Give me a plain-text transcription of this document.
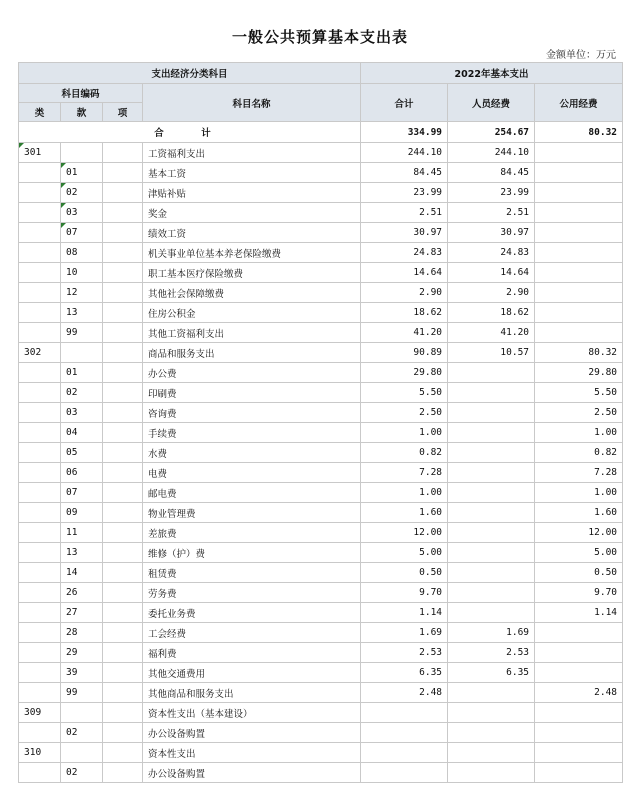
一般公共预算基本支出表
金额单位：万元
支出经济分类科目				2022年基本支出		
科目编码			科目名称	合计	人员经费	公用经费
类	款	项				
合　计				334.99	254.67	80.32
301			工资福利支出	244.10	244.10	
	01		基本工资	84.45	84.45	
	02		津贴补贴	23.99	23.99	
	03		奖金	2.51	2.51	
	07		绩效工资	30.97	30.97	
	08		机关事业单位基本养老保险缴费	24.83	24.83	
	10		职工基本医疗保险缴费	14.64	14.64	
	12		其他社会保障缴费	2.90	2.90	
	13		住房公积金	18.62	18.62	
	99		其他工资福利支出	41.20	41.20	
302			商品和服务支出	90.89	10.57	80.32
	01		办公费	29.80		29.80
	02		印刷费	5.50		5.50
	03		咨询费	2.50		2.50
	04		手续费	1.00		1.00
	05		水费	0.82		0.82
	06		电费	7.28		7.28
	07		邮电费	1.00		1.00
	09		物业管理费	1.60		1.60
	11		差旅费	12.00		12.00
	13		维修（护）费	5.00		5.00
	14		租赁费	0.50		0.50
	26		劳务费	9.70		9.70
	27		委托业务费	1.14		1.14
	28		工会经费	1.69	1.69	
	29		福利费	2.53	2.53	
	39		其他交通费用	6.35	6.35	
	99		其他商品和服务支出	2.48		2.48
309			资本性支出（基本建设）			
	02		办公设备购置			
310			资本性支出			
	02		办公设备购置			
